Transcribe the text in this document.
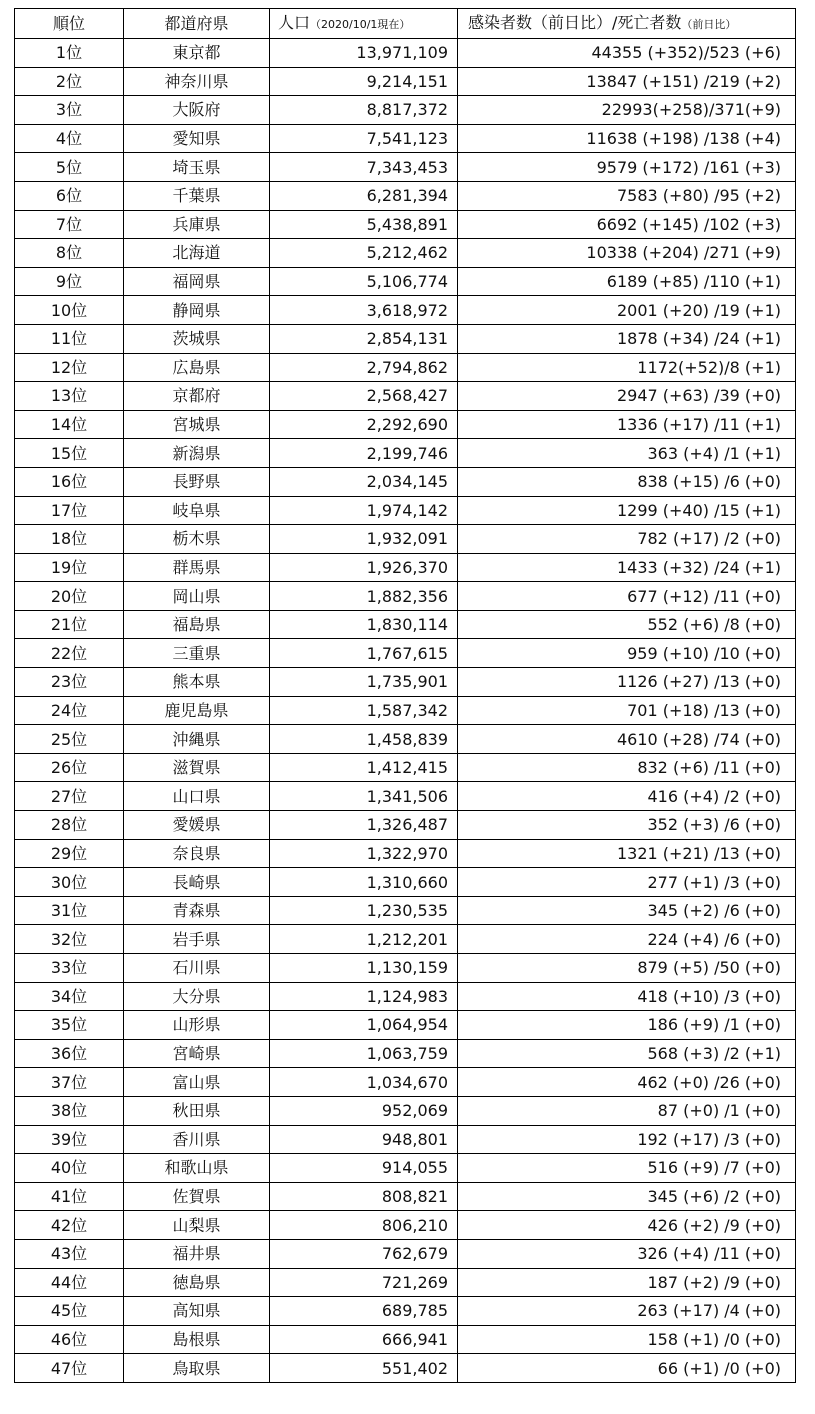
順位	都道府県	人口（2020/10/1現在）	感染者数（前日比）/死亡者数（前日比）
1位	東京都	13,971,109	44355 (+352)/523 (+6)
2位	神奈川県	9,214,151	13847 (+151) /219 (+2)
3位	大阪府	8,817,372	22993(+258)/371(+9)
4位	愛知県	7,541,123	11638 (+198) /138 (+4)
5位	埼玉県	7,343,453	9579 (+172) /161 (+3)
6位	千葉県	6,281,394	7583 (+80) /95 (+2)
7位	兵庫県	5,438,891	6692 (+145) /102 (+3)
8位	北海道	5,212,462	10338 (+204) /271 (+9)
9位	福岡県	5,106,774	6189 (+85) /110 (+1)
10位	静岡県	3,618,972	2001 (+20) /19 (+1)
11位	茨城県	2,854,131	1878 (+34) /24 (+1)
12位	広島県	2,794,862	1172(+52)/8 (+1)
13位	京都府	2,568,427	2947 (+63) /39 (+0)
14位	宮城県	2,292,690	1336 (+17) /11 (+1)
15位	新潟県	2,199,746	363 (+4) /1 (+1)
16位	長野県	2,034,145	838 (+15) /6 (+0)
17位	岐阜県	1,974,142	1299 (+40) /15 (+1)
18位	栃木県	1,932,091	782 (+17) /2 (+0)
19位	群馬県	1,926,370	1433 (+32) /24 (+1)
20位	岡山県	1,882,356	677 (+12) /11 (+0)
21位	福島県	1,830,114	552 (+6) /8 (+0)
22位	三重県	1,767,615	959 (+10) /10 (+0)
23位	熊本県	1,735,901	1126 (+27) /13 (+0)
24位	鹿児島県	1,587,342	701 (+18) /13 (+0)
25位	沖縄県	1,458,839	4610 (+28) /74 (+0)
26位	滋賀県	1,412,415	832 (+6) /11 (+0)
27位	山口県	1,341,506	416 (+4) /2 (+0)
28位	愛媛県	1,326,487	352 (+3) /6 (+0)
29位	奈良県	1,322,970	1321 (+21) /13 (+0)
30位	長崎県	1,310,660	277 (+1) /3 (+0)
31位	青森県	1,230,535	345 (+2) /6 (+0)
32位	岩手県	1,212,201	224 (+4) /6 (+0)
33位	石川県	1,130,159	879 (+5) /50 (+0)
34位	大分県	1,124,983	418 (+10) /3 (+0)
35位	山形県	1,064,954	186 (+9) /1 (+0)
36位	宮崎県	1,063,759	568 (+3) /2 (+1)
37位	富山県	1,034,670	462 (+0) /26 (+0)
38位	秋田県	952,069	87 (+0) /1 (+0)
39位	香川県	948,801	192 (+17) /3 (+0)
40位	和歌山県	914,055	516 (+9) /7 (+0)
41位	佐賀県	808,821	345 (+6) /2 (+0)
42位	山梨県	806,210	426 (+2) /9 (+0)
43位	福井県	762,679	326 (+4) /11 (+0)
44位	徳島県	721,269	187 (+2) /9 (+0)
45位	高知県	689,785	263 (+17) /4 (+0)
46位	島根県	666,941	158 (+1) /0 (+0)
47位	鳥取県	551,402	66 (+1) /0 (+0)
